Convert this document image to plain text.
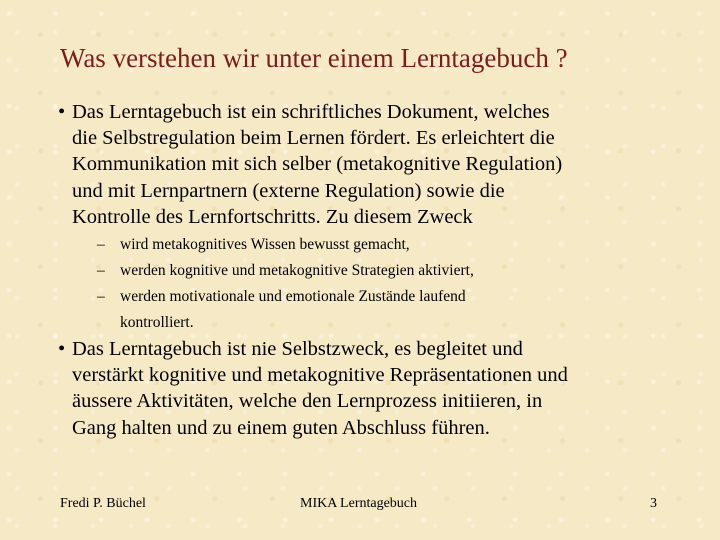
Was verstehen wir unter einem Lerntagebuch ?
• Das Lerntagebuch ist ein schriftliches Dokument, welches
die Selbstregulation beim Lernen fördert. Es erleichtert die
Kommunikation mit sich selber (metakognitive Regulation)
und mit Lernpartnern (externe Regulation) sowie die
Kontrolle des Lernfortschritts. Zu diesem Zweck
– wird metakognitives Wissen bewusst gemacht,
– werden kognitive und metakognitive Strategien aktiviert,
– werden motivationale und emotionale Zustände laufend
kontrolliert.
• Das Lerntagebuch ist nie Selbstzweck, es begleitet und
verstärkt kognitive und metakognitive Repräsentationen und
äussere Aktivitäten, welche den Lernprozess initiieren, in
Gang halten und zu einem guten Abschluss führen.
Fredi P. Büchel	MIKA Lerntagebuch	3
